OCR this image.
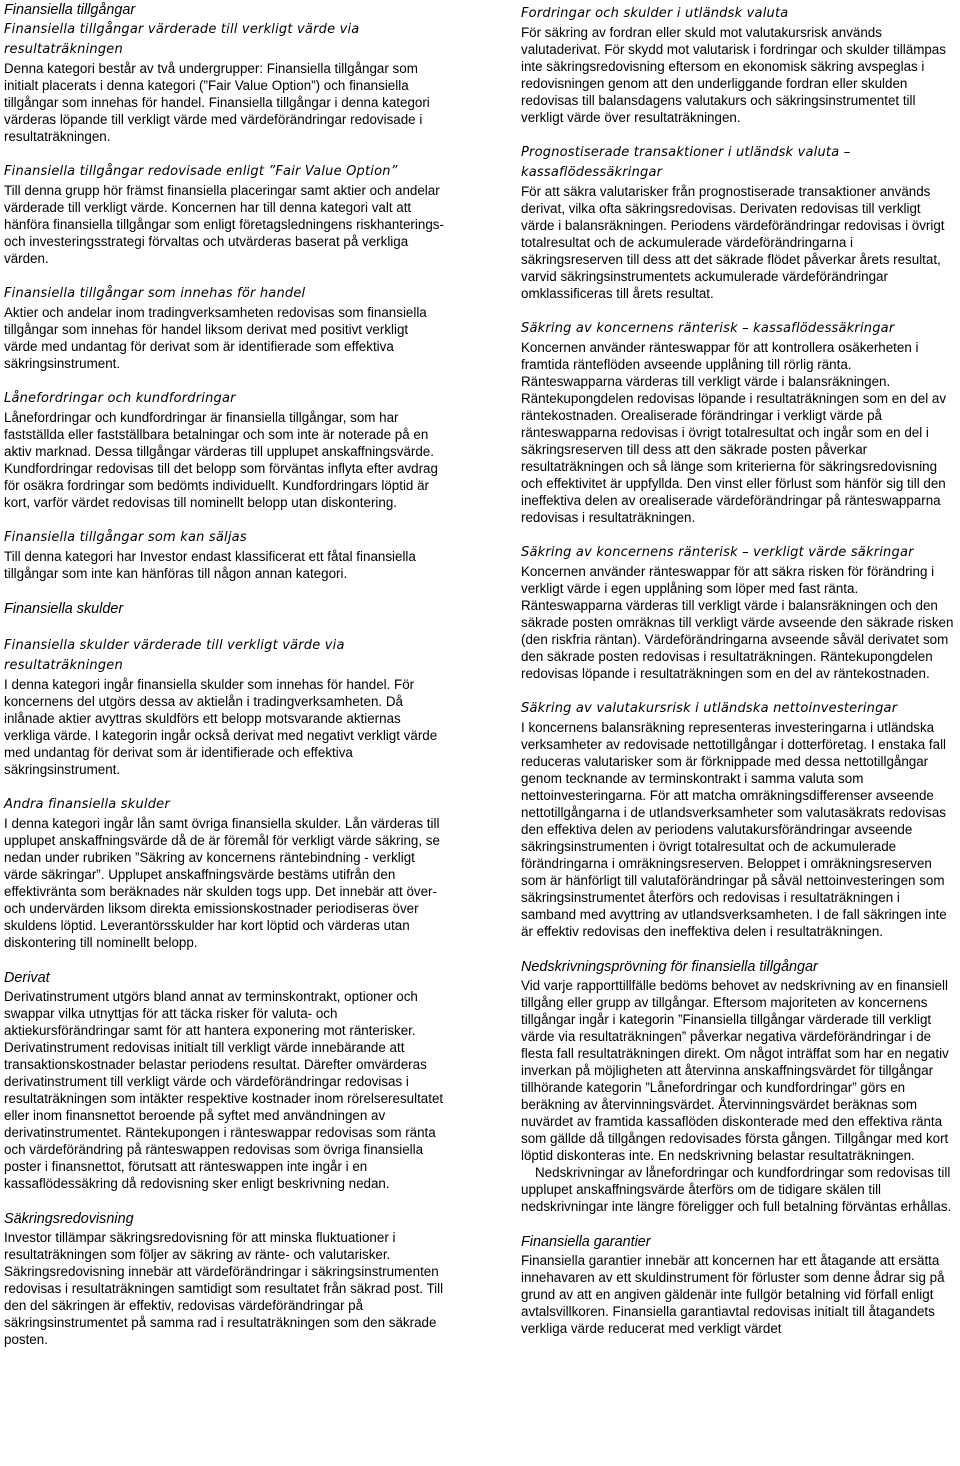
Finansiella tillgångar
Finansiella tillgångar värderade till verkligt värde via resultaträkningen
Denna kategori består av två undergrupper: Finansiella tillgångar som initialt placerats i denna kategori (”Fair Value Option”) och finansiella tillgångar som innehas för handel. Finansiella tillgångar i denna kategori värderas löpande till verkligt värde med värdeförändringar redovisade i resultaträkningen.
Finansiella tillgångar redovisade enligt ”Fair Value Option”
Till denna grupp hör främst finansiella placeringar samt aktier och andelar värderade till verkligt värde. Koncernen har till denna kategori valt att hänföra finansiella tillgångar som enligt företagsledningens riskhanterings- och investeringsstrategi förvaltas och utvärderas baserat på verkliga värden.
Finansiella tillgångar som innehas för handel
Aktier och andelar inom tradingverksamheten redovisas som finansiella tillgångar som innehas för handel liksom derivat med positivt verkligt värde med undantag för derivat som är identifierade som effektiva säkringsinstrument.
Lånefordringar och kundfordringar
Lånefordringar och kundfordringar är finansiella tillgångar, som har fastställda eller fastställbara betalningar och som inte är noterade på en aktiv marknad. Dessa tillgångar värderas till upplupet anskaffningsvärde. Kundfordringar redovisas till det belopp som förväntas inflyta efter avdrag för osäkra fordringar som bedömts individuellt. Kundfordringars löptid är kort, varför värdet redovisas till nominellt belopp utan diskontering.
Finansiella tillgångar som kan säljas
Till denna kategori har Investor endast klassificerat ett fåtal finansiella tillgångar som inte kan hänföras till någon annan kategori.
Finansiella skulder
Finansiella skulder värderade till verkligt värde via resultaträkningen
I denna kategori ingår finansiella skulder som innehas för handel. För koncernens del utgörs dessa av aktielån i tradingverksamheten. Då inlånade aktier avyttras skuldförs ett belopp motsvarande aktiernas verkliga värde. I kategorin ingår också derivat med negativt verkligt värde med undantag för derivat som är identifierade och effektiva säkringsinstrument.
Andra finansiella skulder
I denna kategori ingår lån samt övriga finansiella skulder. Lån värderas till upplupet anskaffningsvärde då de är föremål för verkligt värde säkring, se nedan under rubriken ”Säkring av koncernens räntebindning - verkligt värde säkringar”. Upplupet anskaffningsvärde bestäms utifrån den effektivränta som beräknades när skulden togs upp. Det innebär att över- och undervärden liksom direkta emissionskostnader periodiseras över skuldens löptid. Leverantörsskulder har kort löptid och värderas utan diskontering till nominellt belopp.
Derivat
Derivatinstrument utgörs bland annat av terminskontrakt, optioner och swappar vilka utnyttjas för att täcka risker för valuta- och aktiekursförändringar samt för att hantera exponering mot ränterisker. Derivatinstrument redovisas initialt till verkligt värde innebärande att transaktionskostnader belastar periodens resultat. Därefter omvärderas derivatinstrument till verkligt värde och värdeförändringar redovisas i resultaträkningen som intäkter respektive kostnader inom rörelseresultatet eller inom finansnettot beroende på syftet med användningen av derivatinstrumentet. Räntekupongen i ränteswappar redovisas som ränta och värdeförändring på ränteswappen redovisas som övriga finansiella poster i finansnettot, förutsatt att ränteswappen inte ingår i en kassaflödessäkring då redovisning sker enligt beskrivning nedan.
Säkringsredovisning
Investor tillämpar säkringsredovisning för att minska fluktuationer i resultaträkningen som följer av säkring av ränte- och valutarisker. Säkringsredovisning innebär att värdeförändringar i säkringsinstrumenten redovisas i resultaträkningen samtidigt som resultatet från säkrad post. Till den del säkringen är effektiv, redovisas värdeförändringar på säkringsinstrumentet på samma rad i resultaträkningen som den säkrade posten.
Fordringar och skulder i utländsk valuta
För säkring av fordran eller skuld mot valutakursrisk används valutaderivat. För skydd mot valutarisk i fordringar och skulder tillämpas inte säkringsredovisning eftersom en ekonomisk säkring avspeglas i redovisningen genom att den underliggande fordran eller skulden redovisas till balansdagens valutakurs och säkringsinstrumentet till verkligt värde över resultaträkningen.
Prognostiserade transaktioner i utländsk valuta – kassaflödessäkringar
För att säkra valutarisker från prognostiserade transaktioner används derivat, vilka ofta säkringsredovisas. Derivaten redovisas till verkligt värde i balansräkningen. Periodens värdeförändringar redovisas i övrigt totalresultat och de ackumulerade värdeförändringarna i säkringsreserven till dess att det säkrade flödet påverkar årets resultat, varvid säkringsinstrumentets ackumulerade värdeförändringar omklassificeras till årets resultat.
Säkring av koncernens ränterisk – kassaflödessäkringar
Koncernen använder ränteswappar för att kontrollera osäkerheten i framtida ränteflöden avseende upplåning till rörlig ränta. Ränteswapparna värderas till verkligt värde i balansräkningen. Räntekupongdelen redovisas löpande i resultaträkningen som en del av räntekostnaden. Orealiserade förändringar i verkligt värde på ränteswapparna redovisas i övrigt totalresultat och ingår som en del i säkringsreserven till dess att den säkrade posten påverkar resultaträkningen och så länge som kriterierna för säkringsredovisning och effektivitet är uppfyllda. Den vinst eller förlust som hänför sig till den ineffektiva delen av orealiserade värdeförändringar på ränteswapparna redovisas i resultaträkningen.
Säkring av koncernens ränterisk – verkligt värde säkringar
Koncernen använder ränteswappar för att säkra risken för förändring i verkligt värde i egen upplåning som löper med fast ränta. Ränteswapparna värderas till verkligt värde i balansräkningen och den säkrade posten omräknas till verkligt värde avseende den säkrade risken (den riskfria räntan). Värdeförändringarna avseende såväl derivatet som den säkrade posten redovisas i resultaträkningen. Räntekupongdelen redovisas löpande i resultaträkningen som en del av räntekostnaden.
Säkring av valutakursrisk i utländska nettoinvesteringar
I koncernens balansräkning representeras investeringarna i utländska verksamheter av redovisade nettotillgångar i dotterföretag. I enstaka fall reduceras valutarisker som är förknippade med dessa nettotillgångar genom tecknande av terminskontrakt i samma valuta som nettoinvesteringarna. För att matcha omräkningsdifferenser avseende nettotillgångarna i de utlandsverksamheter som valutasäkrats redovisas den effektiva delen av periodens valutakursförändringar avseende säkringsinstrumenten i övrigt totalresultat och de ackumulerade förändringarna i omräkningsreserven. Beloppet i omräkningsreserven som är hänförligt till valutaförändringar på såväl nettoinvesteringen som säkringsinstrumentet återförs och redovisas i resultaträkningen i samband med avyttring av utlandsverksamheten. I de fall säkringen inte är effektiv redovisas den ineffektiva delen i resultaträkningen.
Nedskrivningsprövning för finansiella tillgångar
Vid varje rapporttillfälle bedöms behovet av nedskrivning av en finansiell tillgång eller grupp av tillgångar. Eftersom majoriteten av koncernens tillgångar ingår i kategorin ”Finansiella tillgångar värderade till verkligt värde via resultaträkningen” påverkar negativa värdeförändringar i de flesta fall resultaträkningen direkt. Om något inträffat som har en negativ inverkan på möjligheten att återvinna anskaffningsvärdet för tillgångar tillhörande kategorin ”Lånefordringar och kundfordringar” görs en beräkning av återvinningsvärdet. Återvinningsvärdet beräknas som nuvärdet av framtida kassaflöden diskonterade med den effektiva ränta som gällde då tillgången redovisades första gången. Tillgångar med kort löptid diskonteras inte. En nedskrivning belastar resultaträkningen.
Nedskrivningar av lånefordringar och kundfordringar som redovisas till upplupet anskaffningsvärde återförs om de tidigare skälen till nedskrivningar inte längre föreligger och full betalning förväntas erhållas.
Finansiella garantier
Finansiella garantier innebär att koncernen har ett åtagande att ersätta innehavaren av ett skuldinstrument för förluster som denne ådrar sig på grund av att en angiven gäldenär inte fullgör betalning vid förfall enligt avtalsvillkoren. Finansiella garantiavtal redovisas initialt till åtagandets verkliga värde reducerat med verkligt värdet
